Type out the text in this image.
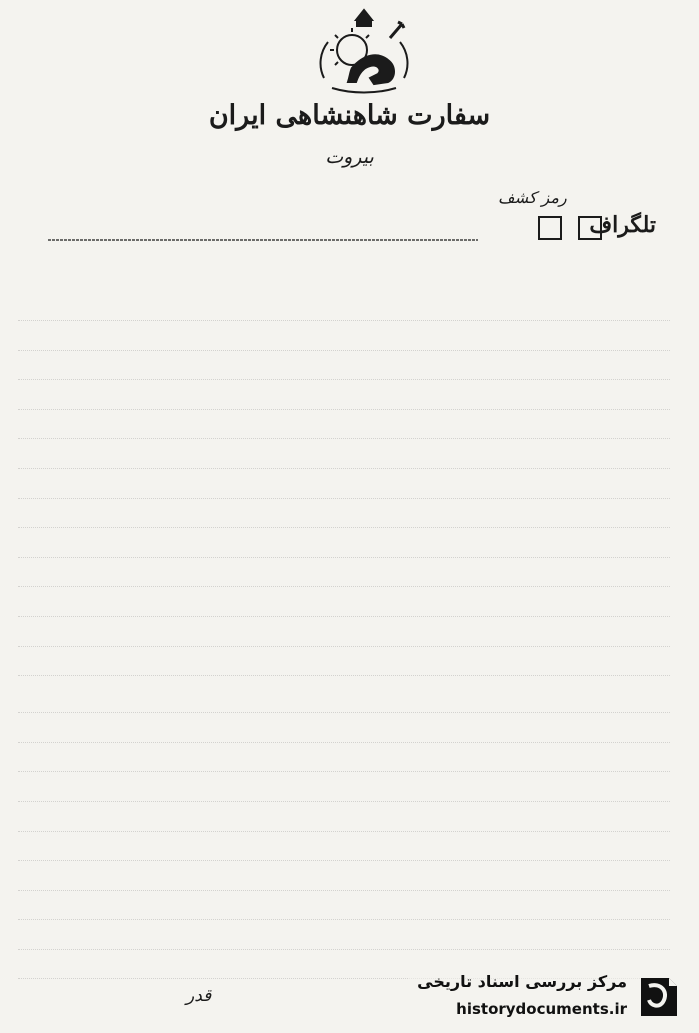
سفارت شاهنشاهی ایران
بیروت
رمز کشف
تلگراف
قدر
مرکز بررسی اسناد تاریخی
historydocuments.ir
